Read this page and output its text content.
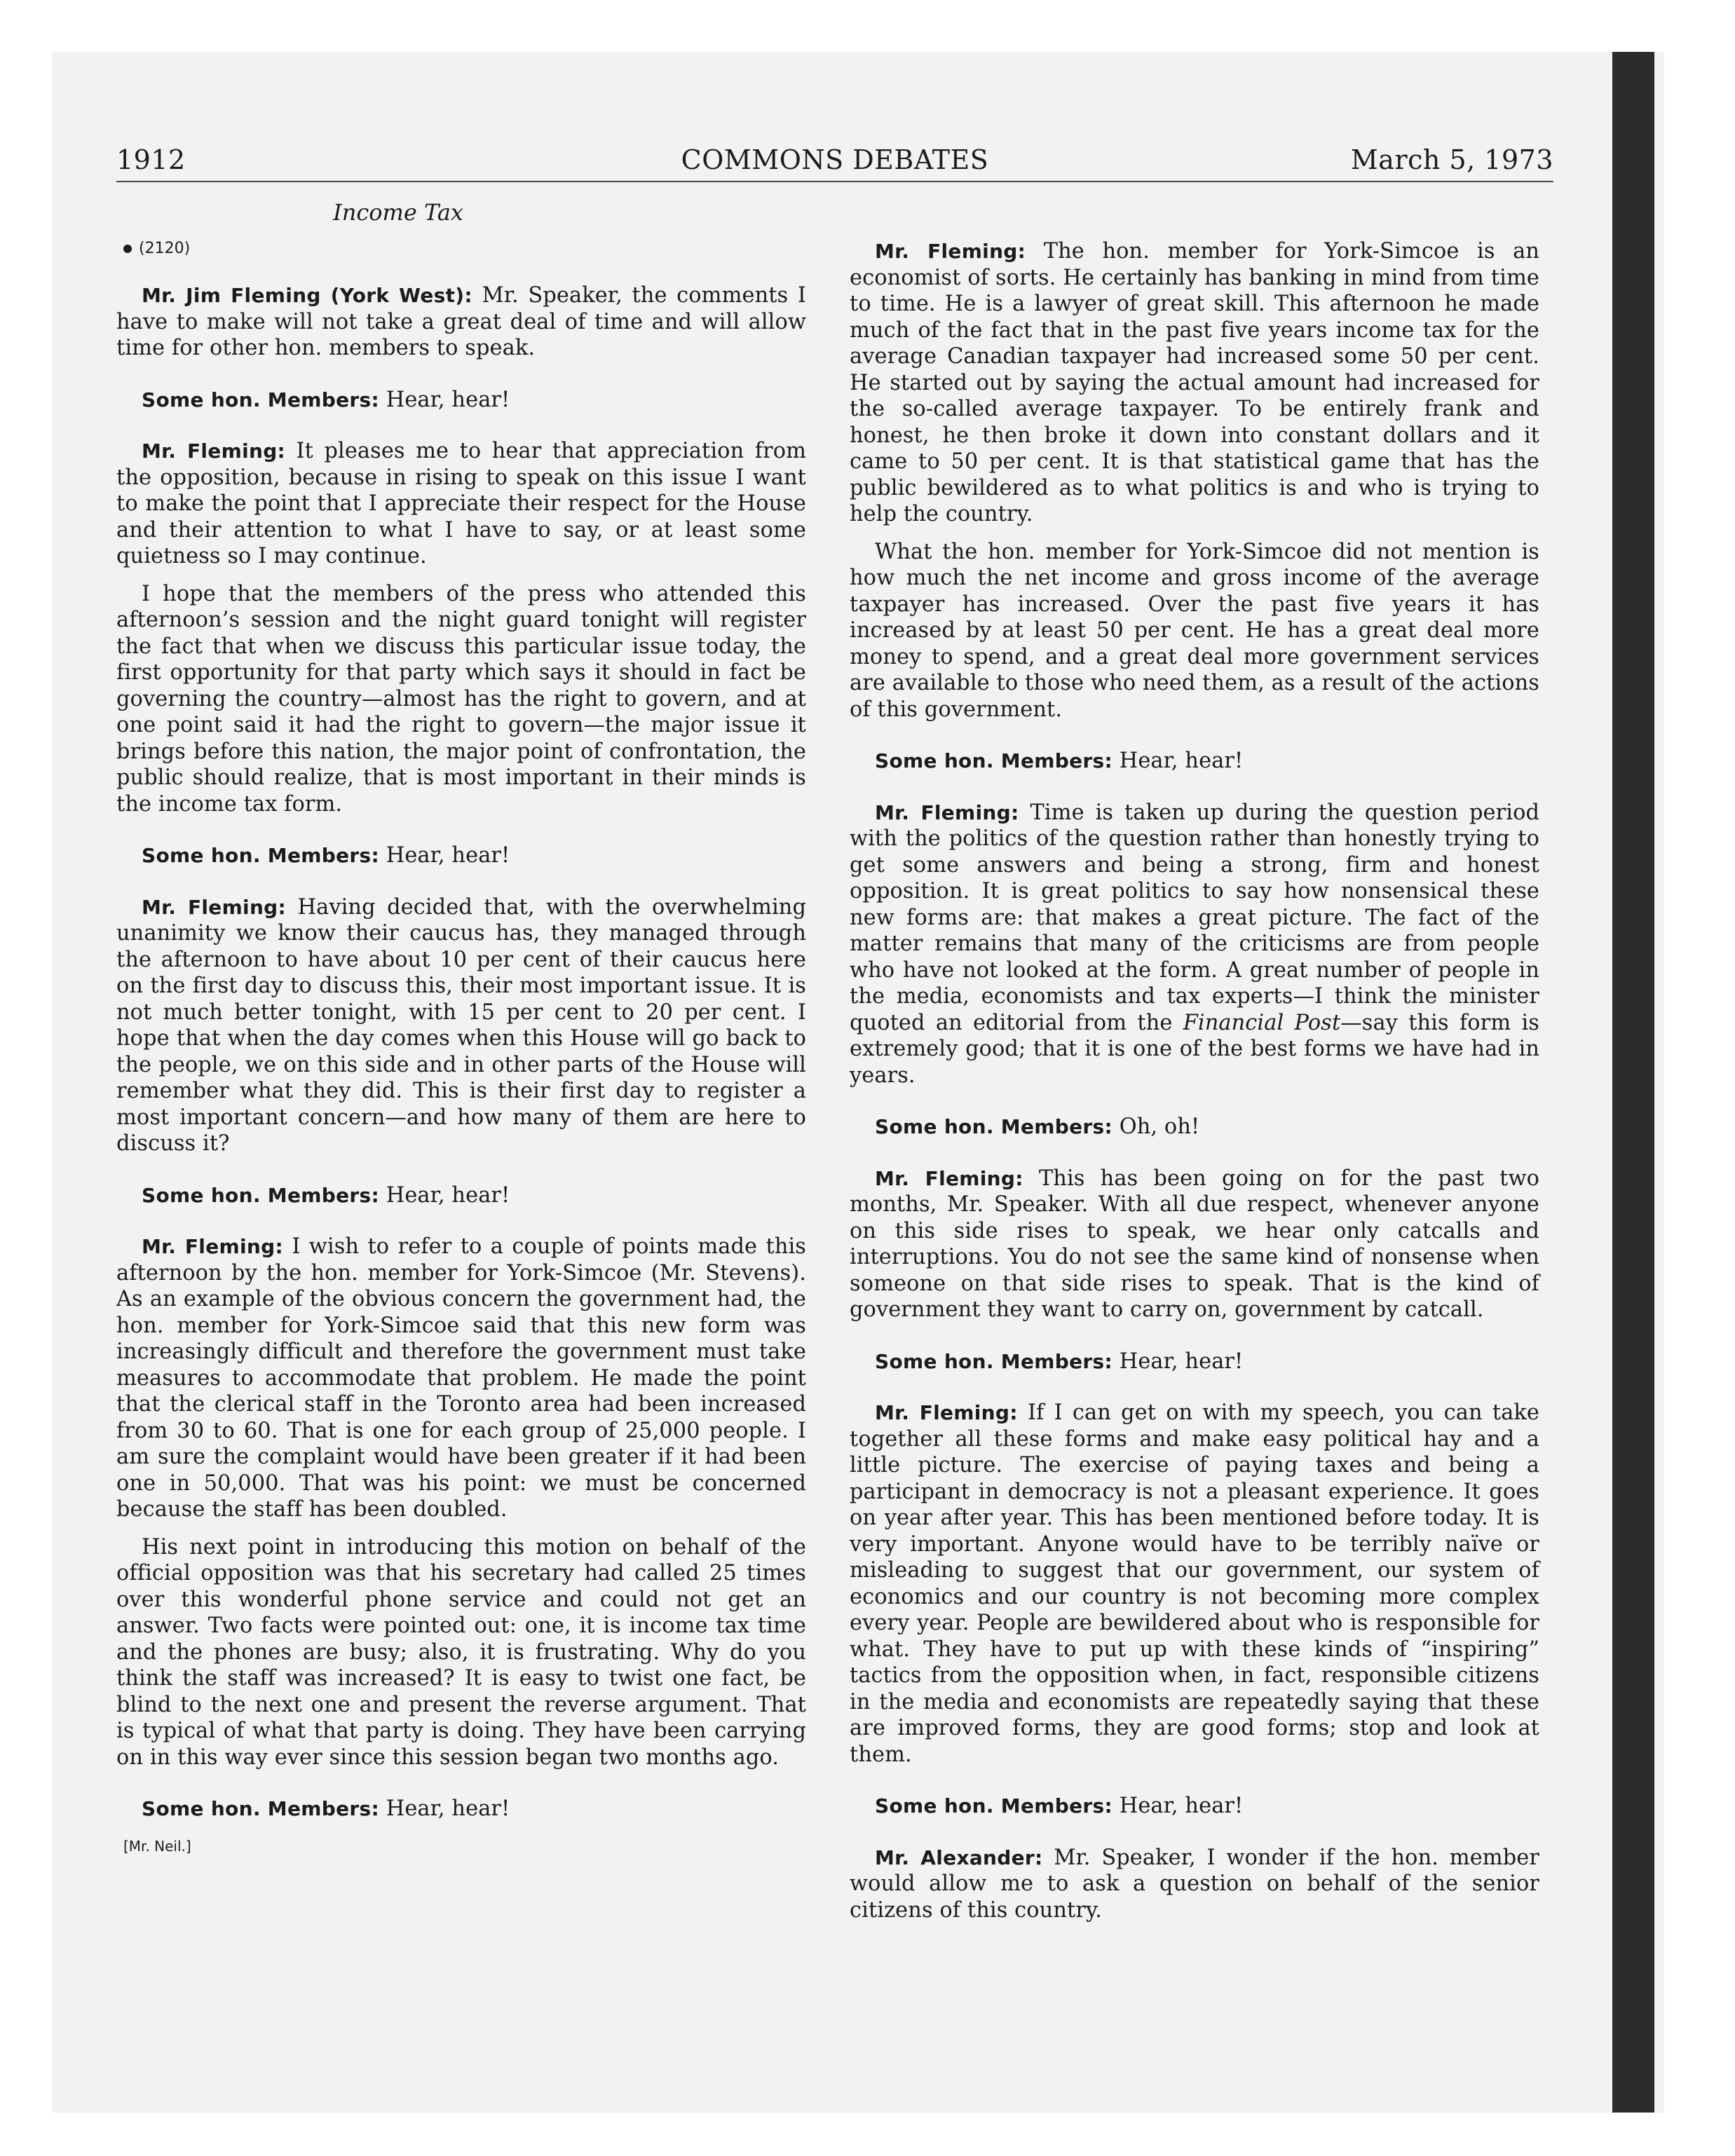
1912	COMMONS DEBATES	March 5, 1973
Income Tax
(2120)

Mr. Jim Fleming (York West): Mr. Speaker, the comments I have to make will not take a great deal of time and will allow time for other hon. members to speak.

Some hon. Members: Hear, hear!

Mr. Fleming: It pleases me to hear that appreciation from the opposition, because in rising to speak on this issue I want to make the point that I appreciate their respect for the House and their attention to what I have to say, or at least some quietness so I may continue.

I hope that the members of the press who attended this afternoon’s session and the night guard tonight will register the fact that when we discuss this particular issue today, the first opportunity for that party which says it should in fact be governing the country—almost has the right to govern, and at one point said it had the right to govern—the major issue it brings before this nation, the major point of confrontation, the public should realize, that is most important in their minds is the income tax form.

Some hon. Members: Hear, hear!

Mr. Fleming: Having decided that, with the overwhelming unanimity we know their caucus has, they managed through the afternoon to have about 10 per cent of their caucus here on the first day to discuss this, their most important issue. It is not much better tonight, with 15 per cent to 20 per cent. I hope that when the day comes when this House will go back to the people, we on this side and in other parts of the House will remember what they did. This is their first day to register a most important concern—and how many of them are here to discuss it?

Some hon. Members: Hear, hear!

Mr. Fleming: I wish to refer to a couple of points made this afternoon by the hon. member for York-Simcoe (Mr. Stevens). As an example of the obvious concern the government had, the hon. member for York-Simcoe said that this new form was increasingly difficult and therefore the government must take measures to accommodate that problem. He made the point that the clerical staff in the Toronto area had been increased from 30 to 60. That is one for each group of 25,000 people. I am sure the complaint would have been greater if it had been one in 50,000. That was his point: we must be concerned because the staff has been doubled.

His next point in introducing this motion on behalf of the official opposition was that his secretary had called 25 times over this wonderful phone service and could not get an answer. Two facts were pointed out: one, it is income tax time and the phones are busy; also, it is frustrating. Why do you think the staff was increased? It is easy to twist one fact, be blind to the next one and present the reverse argument. That is typical of what that party is doing. They have been carrying on in this way ever since this session began two months ago.

Some hon. Members: Hear, hear!

[Mr. Neil.]

Mr. Fleming: The hon. member for York-Simcoe is an economist of sorts. He certainly has banking in mind from time to time. He is a lawyer of great skill. This afternoon he made much of the fact that in the past five years income tax for the average Canadian taxpayer had increased some 50 per cent. He started out by saying the actual amount had increased for the so-called average taxpayer. To be entirely frank and honest, he then broke it down into constant dollars and it came to 50 per cent. It is that statistical game that has the public bewildered as to what politics is and who is trying to help the country.

What the hon. member for York-Simcoe did not mention is how much the net income and gross income of the average taxpayer has increased. Over the past five years it has increased by at least 50 per cent. He has a great deal more money to spend, and a great deal more government services are available to those who need them, as a result of the actions of this government.

Some hon. Members: Hear, hear!

Mr. Fleming: Time is taken up during the question period with the politics of the question rather than honestly trying to get some answers and being a strong, firm and honest opposition. It is great politics to say how nonsensical these new forms are: that makes a great picture. The fact of the matter remains that many of the criticisms are from people who have not looked at the form. A great number of people in the media, economists and tax experts—I think the minister quoted an editorial from the Financial Post—say this form is extremely good; that it is one of the best forms we have had in years.

Some hon. Members: Oh, oh!

Mr. Fleming: This has been going on for the past two months, Mr. Speaker. With all due respect, whenever anyone on this side rises to speak, we hear only catcalls and interruptions. You do not see the same kind of nonsense when someone on that side rises to speak. That is the kind of government they want to carry on, government by catcall.

Some hon. Members: Hear, hear!

Mr. Fleming: If I can get on with my speech, you can take together all these forms and make easy political hay and a little picture. The exercise of paying taxes and being a participant in democracy is not a pleasant experience. It goes on year after year. This has been mentioned before today. It is very important. Anyone would have to be terribly naïve or misleading to suggest that our government, our system of economics and our country is not becoming more complex every year. People are bewildered about who is responsible for what. They have to put up with these kinds of “inspiring” tactics from the opposition when, in fact, responsible citizens in the media and economists are repeatedly saying that these are improved forms, they are good forms; stop and look at them.

Some hon. Members: Hear, hear!

Mr. Alexander: Mr. Speaker, I wonder if the hon. member would allow me to ask a question on behalf of the senior citizens of this country.
